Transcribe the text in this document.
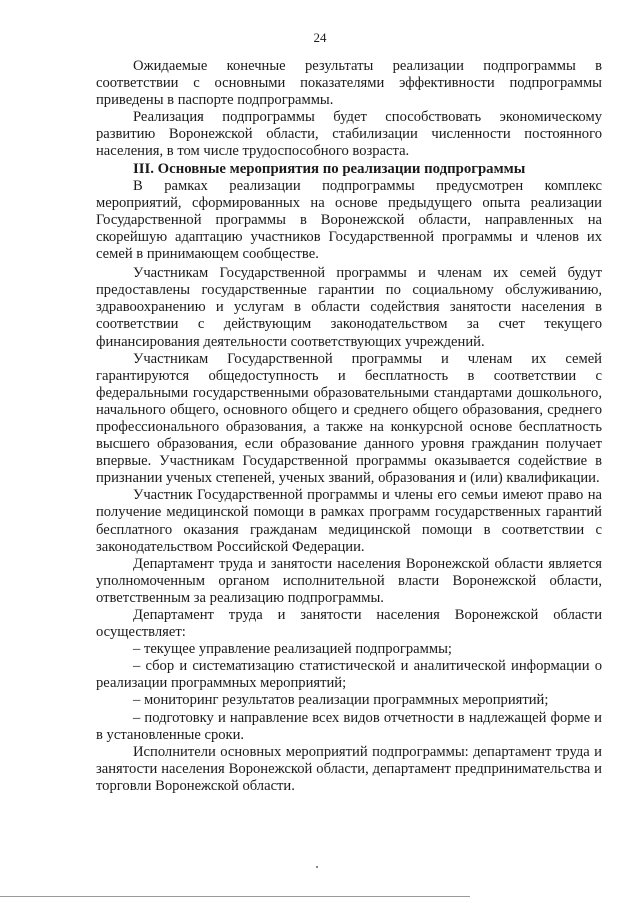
24

Ожидаемые конечные результаты реализации подпрограммы в соответствии с основными показателями эффективности подпрограммы приведены в паспорте подпрограммы.

Реализация подпрограммы будет способствовать экономическому развитию Воронежской области, стабилизации численности постоянного населения, в том числе трудоспособного возраста.

III. Основные мероприятия по реализации подпрограммы

В рамках реализации подпрограммы предусмотрен комплекс мероприятий, сформированных на основе предыдущего опыта реализации Государственной программы в Воронежской области, направленных на скорейшую адаптацию участников Государственной программы и членов их семей в принимающем сообществе.

Участникам Государственной программы и членам их семей будут предоставлены государственные гарантии по социальному обслуживанию, здравоохранению и услугам в области содействия занятости населения в соответствии с действующим законодательством за счет текущего финансирования деятельности соответствующих учреждений.

Участникам Государственной программы и членам их семей гарантируются общедоступность и бесплатность в соответствии с федеральными государственными образовательными стандартами дошкольного, начального общего, основного общего и среднего общего образования, среднего профессионального образования, а также на конкурсной основе бесплатность высшего образования, если образование данного уровня гражданин получает впервые. Участникам Государственной программы оказывается содействие в признании ученых степеней, ученых званий, образования и (или) квалификации.

Участник Государственной программы и члены его семьи имеют право на получение медицинской помощи в рамках программ государственных гарантий бесплатного оказания гражданам медицинской помощи в соответствии с законодательством Российской Федерации.

Департамент труда и занятости населения Воронежской области является уполномоченным органом исполнительной власти Воронежской области, ответственным за реализацию подпрограммы.

Департамент труда и занятости населения Воронежской области осуществляет:

– текущее управление реализацией подпрограммы;

– сбор и систематизацию статистической и аналитической информации о реализации программных мероприятий;

– мониторинг результатов реализации программных мероприятий;

– подготовку и направление всех видов отчетности в надлежащей форме и в установленные сроки.

Исполнители основных мероприятий подпрограммы: департамент труда и занятости населения Воронежской области, департамент предпринимательства и торговли Воронежской области.
